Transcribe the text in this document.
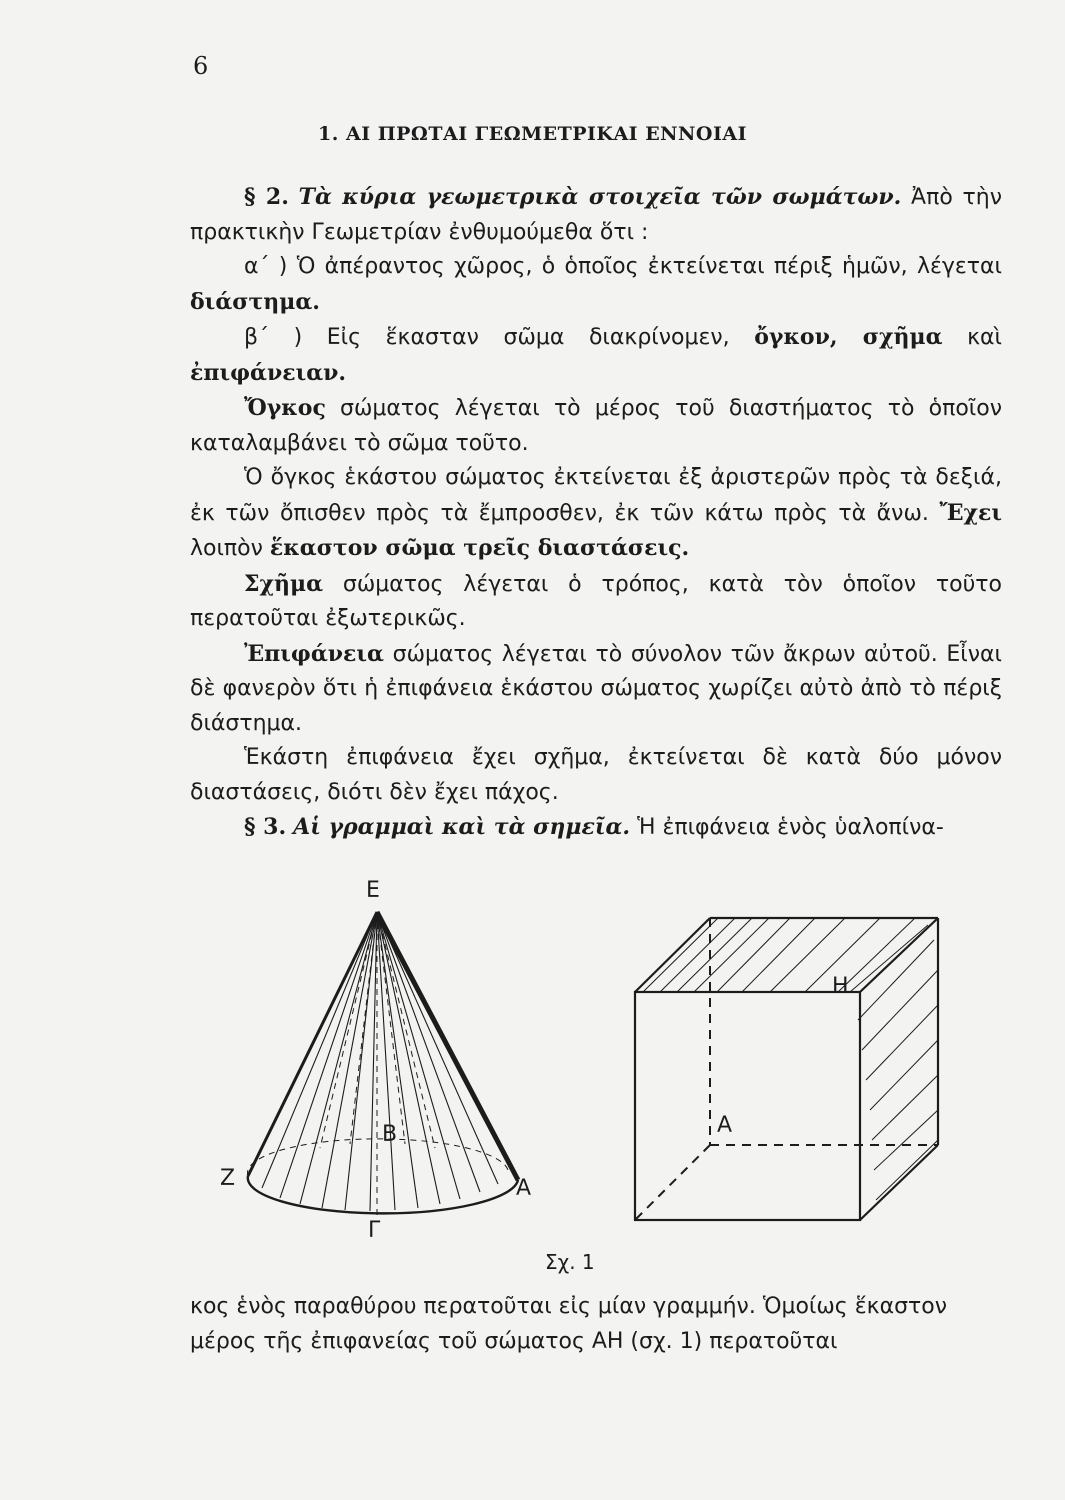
6
1. ΑΙ ΠΡΩΤΑΙ ΓΕΩΜΕΤΡΙΚΑΙ ΕΝΝΟΙΑΙ

§ 2. Τὰ κύρια γεωμετρικὰ στοιχεῖα τῶν σωμάτων. Ἀπὸ τὴν πρακτικὴν Γεωμετρίαν ἐνθυμούμεθα ὅτι :

α΄ ) Ὁ ἀπέραντος χῶρος, ὁ ὁποῖος ἐκτείνεται πέριξ ἡμῶν, λέγεται διάστημα.

β΄ ) Εἰς ἕκασταν σῶμα διακρίνομεν, ὄγκον, σχῆμα καὶ ἐπιφάνειαν.

Ὄγκος σώματος λέγεται τὸ μέρος τοῦ διαστήματος τὸ ὁποῖον καταλαμβάνει τὸ σῶμα τοῦτο.

Ὁ ὄγκος ἑκάστου σώματος ἐκτείνεται ἐξ ἀριστερῶν πρὸς τὰ δεξιά, ἐκ τῶν ὄπισθεν πρὸς τὰ ἔμπροσθεν, ἐκ τῶν κάτω πρὸς τὰ ἄνω. Ἔχει λοιπὸν ἕκαστον σῶμα τρεῖς διαστάσεις.

Σχῆμα σώματος λέγεται ὁ τρόπος, κατὰ τὸν ὁποῖον τοῦτο περατοῦται ἐξωτερικῶς.

Ἐπιφάνεια σώματος λέγεται τὸ σύνολον τῶν ἄκρων αὐτοῦ. Εἶναι δὲ φανερὸν ὅτι ἡ ἐπιφάνεια ἑκάστου σώματος χωρίζει αὐτὸ ἀπὸ τὸ πέριξ διάστημα.

Ἑκάστη ἐπιφάνεια ἔχει σχῆμα, ἐκτείνεται δὲ κατὰ δύο μόνον διαστάσεις, διότι δὲν ἔχει πάχος.

§ 3. Αἱ γραμμαὶ καὶ τὰ σημεῖα. Ἡ ἐπιφάνεια ἑνὸς ὑαλοπίνα-

Ε
Β
Ζ	Α
Γ
Η
Α
Σχ. 1

κος ἑνὸς παραθύρου περατοῦται εἰς μίαν γραμμήν. Ὁμοίως ἕκαστον μέρος τῆς ἐπιφανείας τοῦ σώματος ΑΗ (σχ. 1) περατοῦται
